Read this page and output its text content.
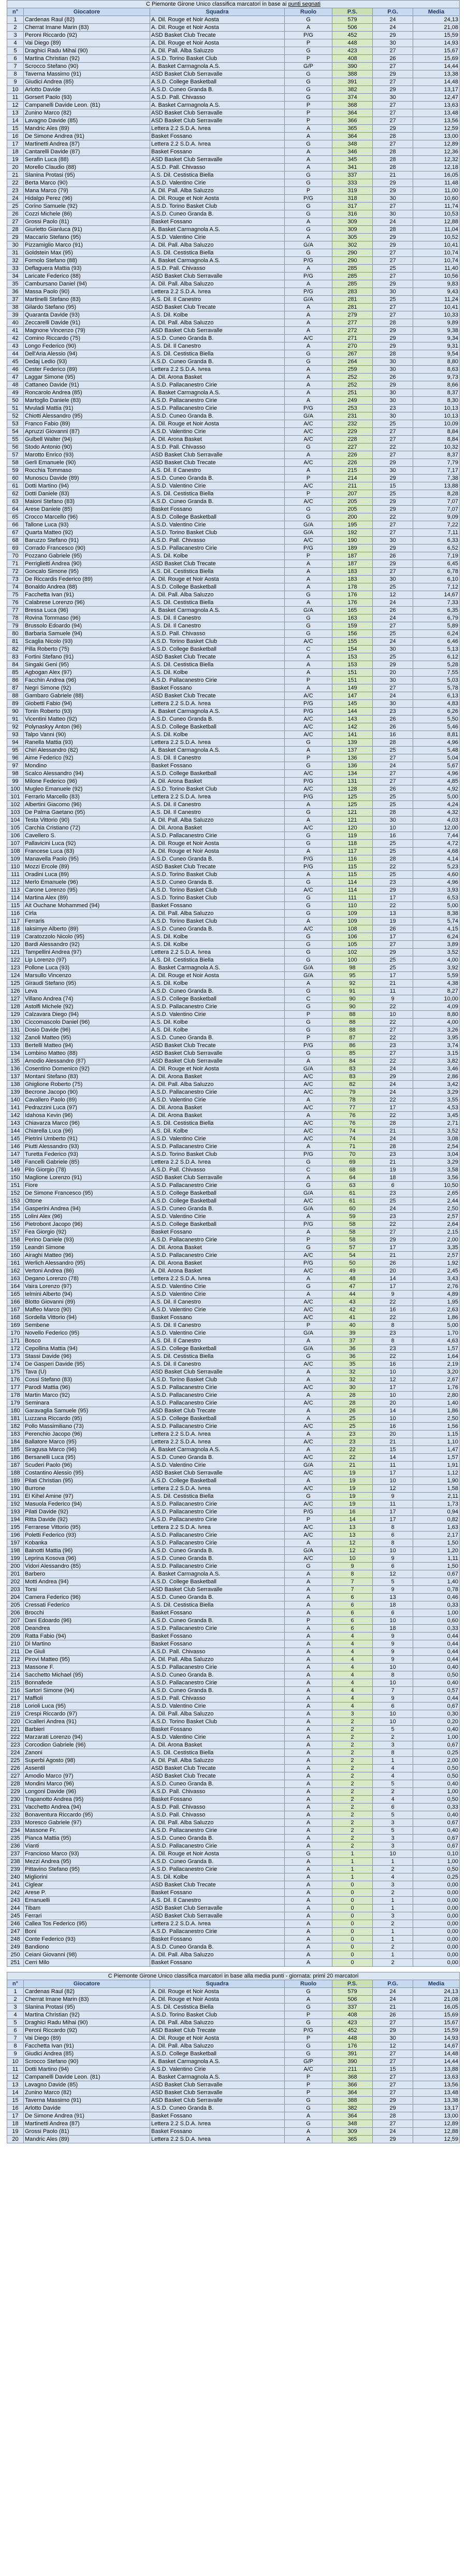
C Piemonte Girone Unico classifica marcatori in base ai punti segnati						
n°	Giocatore	Squadra	Ruolo	P.S.	P.G.	Media
1	Cardenas Raul (82)	A. Dil. Rouge et Noir Aosta	G	579	24	24,13
2	Cherrat Imane Marin (83)	A. Dil. Rouge et Noir Aosta	A	506	24	21,08
3	Peroni Riccardo (92)	ASD Basket Club Trecate	P/G	452	29	15,59
4	Vai Diego (89)	A. Dil. Rouge et Noir Aosta	P	448	30	14,93
5	Draghici Radu Mihai (90)	A. Dil. Pall. Alba Saluzzo	G	423	27	15,67
6	Martina Christian (92)	A.S.D. Torino Basket Club	P	408	26	15,69
7	Scrocco Stefano (90)	A. Basket Carmagnola A.S.	G/P	390	27	14,44
8	Taverna Massimo (91)	ASD Basket Club Serravalle	G	388	29	13,38
9	Giudici Andrea (85)	A.S.D. College Basketball	G	391	27	14,48
10	Arlotto Davide	A.S.D. Cuneo Granda B.	G	382	29	13,17
11	Gorsert Paolo (93)	A.S.D. Pall. Chivasso	G	374	30	12,47
12	Campanelli Davide Leon. (81)	A. Basket Carmagnola A.S.	P	368	27	13,63
13	Zunino Marco (82)	ASD Basket Club Serravalle	P	364	27	13,48
14	Lavagno Davide (85)	ASD Basket Club Serravalle	P	366	27	13,56
15	Mandric Ales (89)	Lettera 2.2 S.D.A. Ivrea	A	365	29	12,59
16	De Simone Andrea (91)	Basket Fossano	A	364	28	13,00
17	Martinetti Andrea (87)	Lettera 2.2 S.D.A. Ivrea	G	348	27	12,89
18	Cantarelli Davide (87)	Basket Fossano	A	346	28	12,36
19	Serafin Luca (88)	ASD Basket Club Serravalle	A	345	28	12,32
20	Morello Claudio (88)	A.S.D. Pall. Chivasso	A	341	28	12,18
21	Slanina Protasi (95)	A.S. Dil. Cestistica Biella	G	337	21	16,05
22	Berta Marco (90)	A.S.D. Valentino Cirie	G	333	29	11,48
23	Mana Marco (79)	A. Dil. Pall. Alba Saluzzo	P	319	29	11,00
24	Hidalgo Perez (96)	A. Dil. Rouge et Noir Aosta	P/G	318	30	10,60
25	Corino Samuele (92)	A.S.D. Torino Basket Club	G	317	27	11,74
26	Cozzi Michele (86)	A.S.D. Cuneo Granda B.	G	316	30	10,53
27	Grossi Paolo (81)	Basket Fossano	A	309	24	12,88
28	Giurietto Gianluca (91)	A. Basket Carmagnola A.S.	G	309	28	11,04
29	Maccario Stefano (95)	A.S.D. Valentino Cirie	A	305	29	10,52
30	Pizzamiglio Marco (91)	A. Dil. Pall. Alba Saluzzo	G/A	302	29	10,41
31	Goldstein Max (95)	A.S. Dil. Cestistica Biella	G	290	27	10,74
32	Fornolo Stefano (88)	A. Basket Carmagnola A.S.	P/G	290	27	10,74
33	Deflaguera Mattia (93)	A.S.D. Pall. Chivasso	A	285	25	11,40
34	Laricate Federico (88)	ASD Basket Club Serravalle	P/G	285	27	10,56
35	Cambursano Daniel (94)	A. Dil. Pall. Alba Saluzzo	A	285	29	9,83
36	Massa Paolo (90)	Lettera 2.2 S.D.A. Ivrea	P/G	283	30	9,43
37	Martinelli Stefano (83)	A.S. Dil. Il Canestro	G/A	281	25	11,24
38	Gilardo Stefano (95)	ASD Basket Club Trecate	A	281	27	10,41
39	Quaranta Davide (93)	A.S. Dil. Kolbe	A	279	27	10,33
40	Zeccarelli Davide (91)	A. Dil. Pall. Alba Saluzzo	A	277	28	9,89
41	Magnone Vincenzo (79)	ASD Basket Club Serravalle	A	272	29	9,38
42	Comino Riccardo (75)	A.S.D. Cuneo Granda B.	A/C	271	29	9,34
43	Longo Federico (90)	A.S. Dil. Il Canestro	A	270	29	9,31
44	Dell'Aria Alessio (94)	A.S. Dil. Cestistica Biella	G	267	28	9,54
45	Dedaj Ledio (93)	A.S.D. Cuneo Granda B.	G	264	30	8,80
46	Cester Federico (89)	Lettera 2.2 S.D.A. Ivrea	A	259	30	8,63
47	Laggar Simone (95)	A. Dil. Arona Basket	A	252	26	9,73
48	Cattaneo Davide (91)	A.S.D. Pallacanestro Cirie	A	252	29	8,66
49	Roncarolo Andrea (85)	A. Basket Carmagnola A.S.	A	251	30	8,37
50	Martoglio Daniele (83)	A.S.D. Pallacanestro Cirie	A	249	30	8,30
51	Mvuladi Mattia (91)	A.S.D. Pallacanestro Cirie	P/G	253	23	10,13
52	Chiotti Alessandro (95)	A.S.D. Cuneo Granda B.	G/A	231	30	10,13
53	Franco Fabio (89)	A. Dil. Rouge et Noir Aosta	A/C	232	25	10,09
54	Apruzzi Giovanni (87)	A.S.D. Valentino Cirie	A/C	229	27	8,84
55	Gulbell Walter (94)	A. Dil. Arona Basket	A/C	228	27	8,84
56	Stodo Antonio (90)	A.S.D. Pall. Chivasso	G	227	22	10,32
57	Marotto Enrico (93)	ASD Basket Club Serravalle	A	226	27	8,37
58	Gerli Emanuele (90)	ASD Basket Club Trecate	A/C	226	29	7,79
59	Rocchia Tommaso	A.S. Dil. Il Canestro	A	215	30	7,17
60	Munoscu Davide (89)	A.S.D. Cuneo Granda B.	P	214	29	7,38
61	Dotti Martino (94)	A.S.D. Valentino Cirie	A/C	211	15	13,88
62	Dotti Daniele (83)	A.S. Dil. Cestistica Biella	P	207	25	8,28
63	Maioni Stefano (83)	A.S.D. Cuneo Granda B.	A/C	205	29	7,07
64	Arese Daniele (85)	Basket Fossano	G	205	29	7,07
65	Crocco Marcello (96)	A.S.D. College Basketball	G	200	22	9,09
66	Tallone Luca (93)	A.S.D. Valentino Cirie	G/A	195	27	7,22
67	Quarta Matteo (92)	A.S.D. Torino Basket Club	G/A	192	27	7,11
68	Baruzzo Stefano (91)	A.S.D. Pall. Chivasso	A/C	190	30	6,33
69	Corrado Francesco (90)	A.S.D. Pallacanestro Cirie	P/G	189	29	6,52
70	Pozzano Gabriele (95)	A.S. Dil. Kolbe	P	187	26	7,19
71	Perriglietti Andrea (90)	ASD Basket Club Trecate	A	187	29	6,45
72	Goncalo Simone (95)	A.S. Dil. Cestistica Biella	A	183	27	6,78
73	De Riccardis Federico (89)	A. Dil. Rouge et Noir Aosta	A	183	30	6,10
74	Bonaldo Andrea (88)	A.S.D. College Basketball	A	178	25	7,12
75	Facchetta Ivan (91)	A. Dil. Pall. Alba Saluzzo	G	176	12	14,67
76	Calabrese Lorenzo (96)	A.S. Dil. Cestistica Biella	A	176	24	7,33
77	Bressa Luca (96)	A. Basket Carmagnola A.S.	G/A	165	26	6,35
78	Rovina Tommaso (96)	A.S. Dil. Il Canestro	G	163	24	6,79
79	Brussolo Edoardo (94)	A.S. Dil. Il Canestro	G	159	27	5,89
80	Barbaria Samuele (94)	A.S.D. Pall. Chivasso	G	156	25	6,24
81	Scaglia Nicolo (93)	A.S.D. Torino Basket Club	A/C	155	24	6,46
82	Pilla Roberto (75)	A.S.D. College Basketball	C	154	30	5,13
83	Fortini Stefano (91)	ASD Basket Club Trecate	A	153	25	6,12
84	Singaki Geni (95)	A.S. Dil. Cestistica Biella	A	153	29	5,28
85	Agbogan Alex (97)	A.S. Dil. Kolbe	A	151	20	7,55
86	Facchin Andrea (96)	A.S.D. Pallacanestro Cirie	P	151	30	5,03
87	Negri Simone (92)	Basket Fossano	A	149	27	5,78
88	Gambaro Gabriele (88)	ASD Basket Club Trecate	A/C	147	24	6,13
89	Giobetti Fabio (94)	Lettera 2.2 S.D.A. Ivrea	P/G	145	30	4,83
90	Tonin Roberto (93)	A. Basket Carmagnola A.S.	P/G	144	23	6,26
91	Vicentini Matteo (92)	A.S.D. Cuneo Granda B.	A/C	143	26	5,50
92	Polynaskyy Anton (96)	A.S.D. College Basketball	A/C	142	26	5,46
93	Talpo Vanni (90)	A.S. Dil. Kolbe	A/C	141	16	8,81
94	Ranella Mattia (93)	Lettera 2.2 S.D.A. Ivrea	G	139	28	4,96
95	Chiri Alessandro (82)	A. Basket Carmagnola A.S.	A	137	25	5,48
96	Aime Federico (92)	A.S. Dil. Il Canestro	P	136	27	5,04
97	Mondino	Basket Fossano	G	136	24	5,67
98	Scalco Alessandro (94)	A.S.D. College Basketball	A/C	134	27	4,96
99	Milone Federico (96)	A. Dil. Arona Basket	P/G	131	27	4,85
100	Mugleo Emanuele (92)	A.S.D. Torino Basket Club	A/C	128	26	4,92
101	Ferrarlo Marcello (83)	Lettera 2.2 S.D.A. Ivrea	P/G	125	25	5,00
102	Albertini Giacomo (96)	A.S. Dil. Il Canestro	A	125	25	4,24
103	De Palma Gaetano (95)	A.S. Dil. Il Canestro	G	121	28	4,32
104	Testa Vittorio (90)	A. Dil. Pall. Alba Saluzzo	A	121	30	4,03
105	Carchia Cristiano (72)	A. Dil. Arona Basket	A/C	120	10	12,00
106	Cavellero S.	A.S.D. Pallacanestro Cirie	G	119	16	7,44
107	Pallavicini Luca (92)	A. Dil. Rouge et Noir Aosta	G	118	25	4,72
108	Francese Luca (83)	A. Dil. Rouge et Noir Aosta	A	117	25	4,68
109	Manavella Paolo (95)	A.S.D. Cuneo Granda B.	P/G	116	28	4,14
110	Mozzi Ercole (89)	ASD Basket Club Trecate	P/G	115	22	5,23
111	Oradini Luca (89)	A.S.D. Torino Basket Club	A	115	25	4,60
112	Merlo Emanuele (96)	A.S.D. Cuneo Granda B.	G	114	23	4,96
113	Carone Lorenzo (95)	A.S.D. Torino Basket Club	A/C	114	29	3,93
114	Martina Alex (89)	A.S.D. Torino Basket Club	G	111	17	6,53
115	Ait Ouchane Mohammed (94)	Basket Fossano	G	110	22	5,00
116	Cirla	A. Dil. Pall. Alba Saluzzo	G	109	13	8,38
117	Ferraris	A.S.D. Torino Basket Club	A	109	19	5,74
118	Iaksimye Alberto (89)	A.S.D. Cuneo Granda B.	A/C	108	26	4,15
119	Caratozzolo Nicolo (95)	A.S. Dil. Kolbe	G	106	17	6,24
120	Bardi Alessandro (92)	A.S. Dil. Kolbe	G	105	27	3,89
121	Tampellini Andrea (97)	Lettera 2.2 S.D.A. Ivrea	G	102	29	3,52
122	Lip Lorenzo (97)	A.S. Dil. Cestistica Biella	G	100	25	4,00
123	Pollone Luca (93)	A. Basket Carmagnola A.S.	G/A	98	25	3,92
124	Marsullo Vincenzo	A. Dil. Rouge et Noir Aosta	G/A	95	17	5,59
125	Giraudi Stefano (95)	A.S. Dil. Kolbe	A	92	21	4,38
126	Leva	A.S.D. Cuneo Granda B.	G	91	11	8,27
127	Villano Andrea (74)	A.S.D. College Basketball	C	90	9	10,00
128	Astolfi Michele (92)	A.S.D. Pallacanestro Cirie	G	90	22	4,09
129	Calzavara Diego (94)	A.S.D. Valentino Cirie	P	88	10	8,80
130	Ciccomascolo Daniel (96)	A.S. Dil. Kolbe	G	88	22	4,00
131	Dosio Davide (96)	A.S. Dil. Kolbe	G	88	27	3,26
132	Zanoli Matteo (95)	A.S.D. Cuneo Granda B.	P	87	22	3,95
133	Bertelli Matteo (94)	ASD Basket Club Trecate	P/G	86	23	3,74
134	Lombino Matteo (88)	ASD Basket Club Serravalle	G	85	27	3,15
135	Amodio Alessandro (87)	ASD Basket Club Serravalle	A	84	22	3,82
136	Cosentino Domenico (92)	A. Dil. Rouge et Noir Aosta	G/A	83	24	3,46
137	Montani Stefano (83)	A. Dil. Arona Basket	A/C	83	29	2,86
138	Ghiglione Roberto (75)	A. Dil. Pall. Alba Saluzzo	A/C	82	24	3,42
139	Becrone Jacopo (90)	A.S.D. Pallacanestro Cirie	A/C	79	24	3,29
140	Cavallero Paolo (89)	A.S.D. Valentino Cirie	A	78	22	3,55
141	Pedrazzini Luca (97)	A. Dil. Arona Basket	A/C	77	17	4,53
142	Idahosa Kevin (96)	A. Dil. Arona Basket	A	76	22	3,45
143	Chiavarza Marco (96)	A.S. Dil. Cestistica Biella	A/C	76	28	2,71
144	Chiarella Luca (96)	A.S. Dil. Kolbe	A/C	74	21	3,52
145	Pietrini Umberto (91)	A.S.D. Valentino Cirie	A/C	74	24	3,08
146	Piutti Alessandro (93)	A.S.D. Pallacanestro Cirie	A	71	28	2,54
147	Turetta Federico (93)	A.S.D. Torino Basket Club	P/G	70	23	3,04
148	Fancelli Gabriele (85)	Lettera 2.2 S.D.A. Ivrea	G	69	21	3,29
149	Pilo Giorgio (78)	A.S.D. Pall. Chivasso	C	68	19	3,58
150	Maglione Lorenzo (91)	ASD Basket Club Serravalle	A	64	18	3,56
151	Fiore	A.S.D. Pallacanestro Cirie	G	63	6	10,50
152	De Simone Francesco (95)	A.S.D. College Basketball	G/A	61	23	2,65
153	Ottone	A.S.D. College Basketball	A/C	61	25	2,44
154	Gasperini Andrea (94)	A.S.D. Cuneo Granda B.	G/A	60	24	2,50
155	Lolini Alex (96)	A.S.D. Valentino Cirie	A	59	23	2,57
156	Pietrobont Jacopo (96)	A.S.D. College Basketball	P/G	58	22	2,64
157	Fea Giorgio (92)	Basket Fossano	A	58	27	2,15
158	Perino Daniele (93)	A.S.D. Pallacanestro Cirie	P	58	29	2,00
159	Leandri Simone	A. Dil. Arona Basket	G	57	17	3,35
160	Airaghi Matteo (96)	A.S.D. Pallacanestro Cirie	A/C	54	21	2,57
161	Werlich Alessandro (95)	A. Dil. Arona Basket	P/G	50	26	1,92
162	Vertoni Andrea (86)	A. Dil. Arona Basket	A/C	49	20	2,45
163	Degano Lorenzo (78)	Lettera 2.2 S.D.A. Ivrea	A	48	14	3,43
164	Vaira Lorenzo (97)	A.S.D. Valentino Cirie	G	47	17	2,76
165	Ielmini Alberto (94)	A.S.D. Valentino Cirie	A	44	9	4,89
166	Blotto Giovanni (89)	A.S. Dil. Il Canestro	A/C	43	22	1,95
167	Maffeo Marco (90)	A.S.D. Valentino Cirie	A/C	42	16	2,63
168	Sordella Vittorio (94)	Basket Fossano	A/C	41	22	1,86
169	Sembene	A.S. Dil. Il Canestro	P	40	8	5,00
170	Novello Federico (95)	A.S.D. Valentino Cirie	G/A	39	23	1,70
171	Bosco	A.S. Dil. Il Canestro	A	37	8	4,63
172	Cepollina Mattia (94)	A.S.D. College Basketball	G/A	36	23	1,57
173	Stassi Davide (96)	A.S. Dil. Cestistica Biella	G	36	22	1,64
174	De Gasperi Davide (95)	A.S. Dil. Il Canestro	A/C	35	16	2,19
175	Tava (U)	ASD Basket Club Serravalle	A	32	10	3,20
176	Cossi Stefano (83)	A.S.D. Torino Basket Club	A	32	12	2,67
177	Parodi Mattia (96)	A.S.D. Pallacanestro Cirie	A/C	30	17	1,76
178	Martin Marco (92)	A.S.D. Pallacanestro Cirie	A	28	10	2,80
179	Seminara	A.S.D. Pallacanestro Cirie	A/C	28	20	1,40
180	Garavaglia Samuele (95)	ASD Basket Club Trecate	A	26	14	1,86
181	Luzzana Riccardo (95)	A.S.D. College Basketball	A	25	10	2,50
182	Pollo Massimiliano (73)	A.S.D. Pallacanestro Cirie	A/C	25	16	1,56
183	Perenchio Jacopo (96)	Lettera 2.2 S.D.A. Ivrea	A	23	20	1,15
184	Ballatore Marco (95)	Lettera 2.2 S.D.A. Ivrea	A/C	23	21	1,10
185	Siragusa Marco (96)	A. Basket Carmagnola A.S.	A	22	15	1,47
186	Bersanelli Luca (95)	A.S.D. Cuneo Granda B.	A/C	22	14	1,57
187	Scuderi Paolo (96)	A.S.D. Valentino Cirie	G/A	21	11	1,91
188	Costantino Alessio (95)	ASD Basket Club Serravalle	A/C	19	17	1,12
189	Pilati Christian (95)	A.S.D. College Basketball	A	19	10	1,90
190	Burrone	Lettera 2.2 S.D.A. Ivrea	A/C	19	12	1,58
191	El Kihel Amine (97)	A.S. Dil. Cestistica Biella	G	19	9	2,11
192	Masuola Federico (94)	A.S.D. Pallacanestro Cirie	A/C	19	11	1,73
193	Pilati Davide (92)	A.S.D. Pallacanestro Cirie	P/G	16	17	0,94
194	Ritta Davide (92)	A.S.D. Pallacanestro Cirie	P	14	17	0,82
195	Ferrarese Vittorio (95)	Lettera 2.2 S.D.A. Ivrea	A/C	13	8	1,63
196	Poletti Federico (93)	A.S.D. Pallacanestro Cirie	A/C	13	6	2,17
197	Kobanka	A.S.D. Pallacanestro Cirie	A	12	8	1,50
198	Bainotti Mattia (96)	A.S.D. Cuneo Granda B.	G/A	12	10	1,20
199	Leprina Kosova (96)	A.S.D. Cuneo Granda B.	A/C	10	9	1,11
200	Vidori Alessandro (85)	A.S.D. Pallacanestro Cirie	G	9	6	1,50
201	Barbero	A. Basket Carmagnola A.S.	A	8	12	0,67
202	Motti Andrea (94)	A.S.D. College Basketball	A	7	5	1,40
203	Torsi	ASD Basket Club Serravalle	A	7	9	0,78
204	Camera Federico (96)	A.S.D. Cuneo Granda B.	A	6	13	0,46
205	Cressati Federico	A.S. Dil. Cestistica Biella	A	6	18	0,33
206	Brocchi	Basket Fossano	A	6	6	1,00
207	Dani Edoardo (96)	A.S.D. Cuneo Granda B.	P	6	10	0,60
208	Deandrea	A.S.D. Pallacanestro Cirie	A	6	18	0,33
209	Ratta Fabio (94)	Basket Fossano	A	4	9	0,44
210	Di Martino	Basket Fossano	A	4	9	0,44
211	De Giuli	A.S.D. Pall. Chivasso	A	4	9	0,44
212	Pirovi Matteo (95)	A. Dil. Pall. Alba Saluzzo	A	4	9	0,44
213	Massone F.	A.S.D. Pallacanestro Cirie	A	4	10	0,40
214	Sacchetto Michael (95)	A.S.D. Cuneo Granda B.	A	4	8	0,50
215	Bonnafede	A.S.D. Pallacanestro Cirie	A	4	10	0,40
216	Sartori Simone (94)	A.S.D. Cuneo Granda B.	A	4	7	0,57
217	Maffioli	A.S.D. Pall. Chivasso	A	4	9	0,44
218	Lorioli Luca (95)	A.S.D. Valentino Cirie	A	4	6	0,67
219	Crespi Riccardo (97)	A. Dil. Pall. Alba Saluzzo	A	3	10	0,30
220	Cicalleri Andrea (91)	A.S.D. Torino Basket Club	A	2	10	0,20
221	Barbieri	Basket Fossano	A	2	5	0,40
222	Marzarati Lorenzo (94)	A.S.D. Valentino Cirie	A	2	2	1,00
223	Corcodion Gabriele (96)	A. Dil. Arona Basket	A	2	3	0,67
224	Zanoni	A.S. Dil. Cestistica Biella	A	2	8	0,25
225	Superbi Agosto (98)	A. Dil. Pall. Alba Saluzzo	A	2	1	2,00
226	Assentil	ASD Basket Club Trecate	A	2	4	0,50
227	Amodio Marco (97)	ASD Basket Club Trecate	A	2	4	0,50
228	Mondini Marco (96)	A.S.D. Cuneo Granda B.	A	2	5	0,40
229	Longoni Davide (96)	A.S.D. Pall. Chivasso	A	2	2	1,00
230	Trapanotto Andrea (95)	Basket Fossano	A	2	4	0,50
231	Vacchetto Andrea (94)	A.S.D. Pall. Chivasso	A	2	6	0,33
232	Bonaventura Riccardo (95)	A.S.D. Pall. Chivasso	A	2	5	0,40
233	Moresco Gabriele (97)	A. Dil. Pall. Alba Saluzzo	A	2	3	0,67
234	Massone Fr.	A.S.D. Pallacanestro Cirie	A	2	5	0,40
235	Pianca Mattia (95)	A.S.D. Cuneo Granda B.	A	2	3	0,67
236	Vianti	A.S.D. Pallacanestro Cirie	A	2	3	0,67
237	Francioso Marco (93)	A. Dil. Rouge et Noir Aosta	G	1	10	0,10
238	Mezzi Andrea (95)	A.S.D. Cuneo Granda B.	A	1	1	1,00
239	Pittavino Stefano (95)	A.S.D. Pallacanestro Cirie	A	1	2	0,50
240	Migliorini	A.S. Dil. Kolbe	A	1	4	0,25
241	Ciglear	ASD Basket Club Trecate	A	0	3	0,00
242	Arese P.	Basket Fossano	A	0	2	0,00
243	Emanuelli	A.S. Dil. Il Canestro	A	0	1	0,00
244	Tibam	ASD Basket Club Serravalle	A	0	1	0,00
245	Ferrari	ASD Basket Club Serravalle	A	0	3	0,00
246	Callea Tos Federico (95)	Lettera 2.2 S.D.A. Ivrea	A	0	2	0,00
247	Boni	A.S.D. Pallacanestro Cirie	A	0	1	0,00
248	Conte Federico (93)	Basket Fossano	A	0	1	0,00
249	Bandiono	A.S.D. Cuneo Granda B.	A	0	2	0,00
250	Ceiani Giovanni (98)	A. Dil. Pall. Alba Saluzzo	A	0	1	0,00
251	Cerri Milo	Basket Fossano	A	0	2	0,00
C Piemonte Girone Unico classifica marcatori in base alla media punti - giornata: primi 20 marcatori						
n°	Giocatore	Squadra	Ruolo	P.S.	P.G.	Media
1	Cardenas Raul (82)	A. Dil. Rouge et Noir Aosta	G	579	24	24,13
2	Cherrat Imane Marin (83)	A. Dil. Rouge et Noir Aosta	A	506	24	21,08
3	Slanina Protasi (95)	A.S. Dil. Cestistica Biella	G	337	21	16,05
4	Martina Christian (92)	A.S.D. Torino Basket Club	P	408	26	15,69
5	Draghici Radu Mihai (90)	A. Dil. Pall. Alba Saluzzo	G	423	27	15,67
6	Peroni Riccardo (92)	ASD Basket Club Trecate	P/G	452	29	15,59
7	Vai Diego (89)	A. Dil. Rouge et Noir Aosta	P	448	30	14,93
8	Facchetta Ivan (91)	A. Dil. Pall. Alba Saluzzo	G	176	12	14,67
9	Giudici Andrea (85)	A.S.D. College Basketball	G	391	27	14,48
10	Scrocco Stefano (90)	A. Basket Carmagnola A.S.	G/P	390	27	14,44
11	Dotti Martino (94)	A.S.D. Valentino Cirie	A/C	211	15	13,88
12	Campanelli Davide Leon. (81)	A. Basket Carmagnola A.S.	P	368	27	13,63
13	Lavagno Davide (85)	ASD Basket Club Serravalle	P	366	27	13,56
14	Zunino Marco (82)	ASD Basket Club Serravalle	P	364	27	13,48
15	Taverna Massimo (91)	ASD Basket Club Serravalle	G	388	29	13,38
16	Arlotto Davide	A.S.D. Cuneo Granda B.	G	382	29	13,17
17	De Simone Andrea (91)	Basket Fossano	A	364	28	13,00
18	Martinetti Andrea (87)	Lettera 2.2 S.D.A. Ivrea	G	348	27	12,89
19	Grossi Paolo (81)	Basket Fossano	A	309	24	12,88
20	Mandric Ales (89)	Lettera 2.2 S.D.A. Ivrea	A	365	29	12,59
